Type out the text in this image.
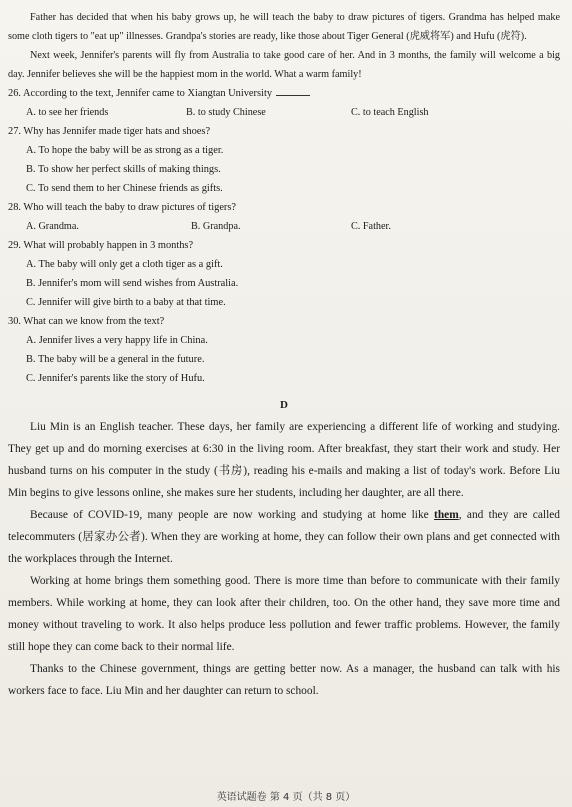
Father has decided that when his baby grows up, he will teach the baby to draw pictures of tigers. Grandma has helped make some cloth tigers to "eat up" illnesses. Grandpa's stories are ready, like those about Tiger General (虎威将军) and Hufu (虎符).

Next week, Jennifer's parents will fly from Australia to take good care of her. And in 3 months, the family will welcome a big day. Jennifer believes she will be the happiest mom in the world. What a warm family!

26. According to the text, Jennifer came to Xiangtan University

A. to see her friends	B. to study Chinese	C. to teach English

27. Why has Jennifer made tiger hats and shoes?

A. To hope the baby will be as strong as a tiger.

B. To show her perfect skills of making things.

C. To send them to her Chinese friends as gifts.

28. Who will teach the baby to draw pictures of tigers?

A. Grandma.	B. Grandpa.	C. Father.

29. What will probably happen in 3 months?

A. The baby will only get a cloth tiger as a gift.

B. Jennifer's mom will send wishes from Australia.

C. Jennifer will give birth to a baby at that time.

30. What can we know from the text?

A. Jennifer lives a very happy life in China.

B. The baby will be a general in the future.

C. Jennifer's parents like the story of Hufu.

D

Liu Min is an English teacher. These days, her family are experiencing a different life of working and studying. They get up and do morning exercises at 6:30 in the living room. After breakfast, they start their work and study. Her husband turns on his computer in the study (书房), reading his e-mails and making a list of today's work. Before Liu Min begins to give lessons online, she makes sure her students, including her daughter, are all there.

Because of COVID-19, many people are now working and studying at home like them, and they are called telecommuters (居家办公者). When they are working at home, they can follow their own plans and get connected with the workplaces through the Internet.

Working at home brings them something good. There is more time than before to communicate with their family members. While working at home, they can look after their children, too. On the other hand, they save more time and money without traveling to work. It also helps produce less pollution and fewer traffic problems. However, the family still hope they can come back to their normal life.

Thanks to the Chinese government, things are getting better now. As a manager, the husband can talk with his workers face to face. Liu Min and her daughter can return to school.

英语试题卷 第 4 页（共 8 页）
